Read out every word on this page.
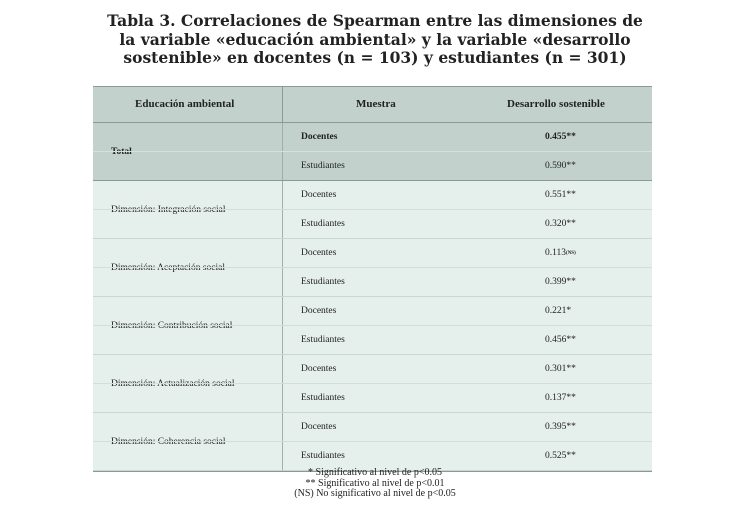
Tabla 3. Correlaciones de Spearman entre las dimensiones de
la variable «educación ambiental» y la variable «desarrollo
sostenible» en docentes (n = 103) y estudiantes (n = 301)
Educación ambiental	Muestra	Desarrollo sostenible
Total
Docentes	0.455**
Estudiantes	0.590**
Dimensión: Integración social
Docentes	0.551**
Estudiantes	0.320**
Dimensión: Aceptación social
Docentes	0.113 (NS)
Estudiantes	0.399**
Dimensión: Contribución social
Docentes	0.221*
Estudiantes	0.456**
Dimensión: Actualización social
Docentes	0.301**
Estudiantes	0.137**
Dimensión: Coherencia social
Docentes	0.395**
Estudiantes	0.525**
* Significativo al nivel de p<0.05
** Significativo al nivel de p<0.01
(NS) No significativo al nivel de p<0.05
